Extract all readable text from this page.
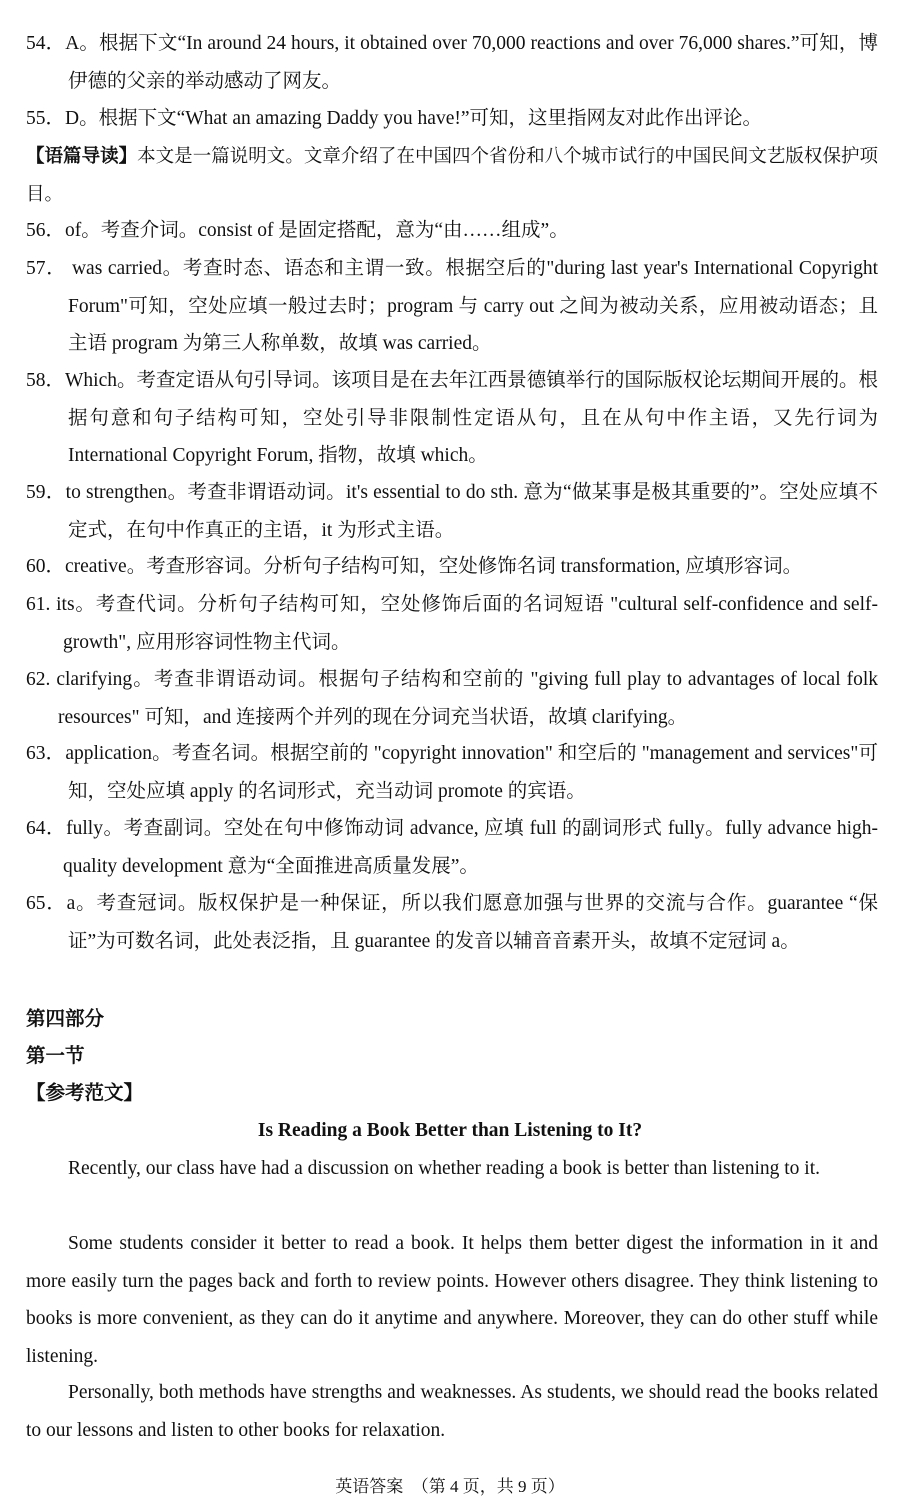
54．A。根据下文“In around 24 hours, it obtained over 70,000 reactions and over 76,000 shares.”可知，博伊德的父亲的举动感动了网友。
55．D。根据下文“What an amazing Daddy you have!”可知，这里指网友对此作出评论。
【语篇导读】本文是一篇说明文。文章介绍了在中国四个省份和八个城市试行的中国民间文艺版权保护项目。
56．of。考查介词。consist of 是固定搭配，意为“由……组成”。
57． was carried。考查时态、语态和主谓一致。根据空后的"during last year's International Copyright Forum"可知，空处应填一般过去时；program 与 carry out 之间为被动关系，应用被动语态；且主语 program 为第三人称单数，故填 was carried。
58．Which。考查定语从句引导词。该项目是在去年江西景德镇举行的国际版权论坛期间开展的。根据句意和句子结构可知，空处引导非限制性定语从句，且在从句中作主语，又先行词为 International Copyright Forum, 指物，故填 which。
59．to strengthen。考查非谓语动词。it's essential to do sth. 意为“做某事是极其重要的”。空处应填不定式，在句中作真正的主语，it 为形式主语。
60．creative。考查形容词。分析句子结构可知，空处修饰名词 transformation, 应填形容词。
61. its。考查代词。分析句子结构可知，空处修饰后面的名词短语 "cultural self-confidence and self-growth", 应用形容词性物主代词。
62. clarifying。考查非谓语动词。根据句子结构和空前的 "giving full play to advantages of local folk resources" 可知，and 连接两个并列的现在分词充当状语，故填 clarifying。
63．application。考查名词。根据空前的 "copyright innovation" 和空后的 "management and services"可知，空处应填 apply 的名词形式，充当动词 promote 的宾语。
64．fully。考查副词。空处在句中修饰动词 advance, 应填 full 的副词形式 fully。fully advance high-quality development 意为“全面推进高质量发展”。
65．a。考查冠词。版权保护是一种保证，所以我们愿意加强与世界的交流与合作。guarantee “保证”为可数名词，此处表泛指，且 guarantee 的发音以辅音音素开头，故填不定冠词 a。
第四部分
第一节
【参考范文】
Is Reading a Book Better than Listening to It?
Recently, our class have had a discussion on whether reading a book is better than listening to it.
Some students consider it better to read a book. It helps them better digest the information in it and more easily turn the pages back and forth to review points. However others disagree. They think listening to books is more convenient, as they can do it anytime and anywhere. Moreover, they can do other stuff while listening.
Personally, both methods have strengths and weaknesses. As students, we should read the books related to our lessons and listen to other books for relaxation.
英语答案　（第 4 页，共 9 页）
